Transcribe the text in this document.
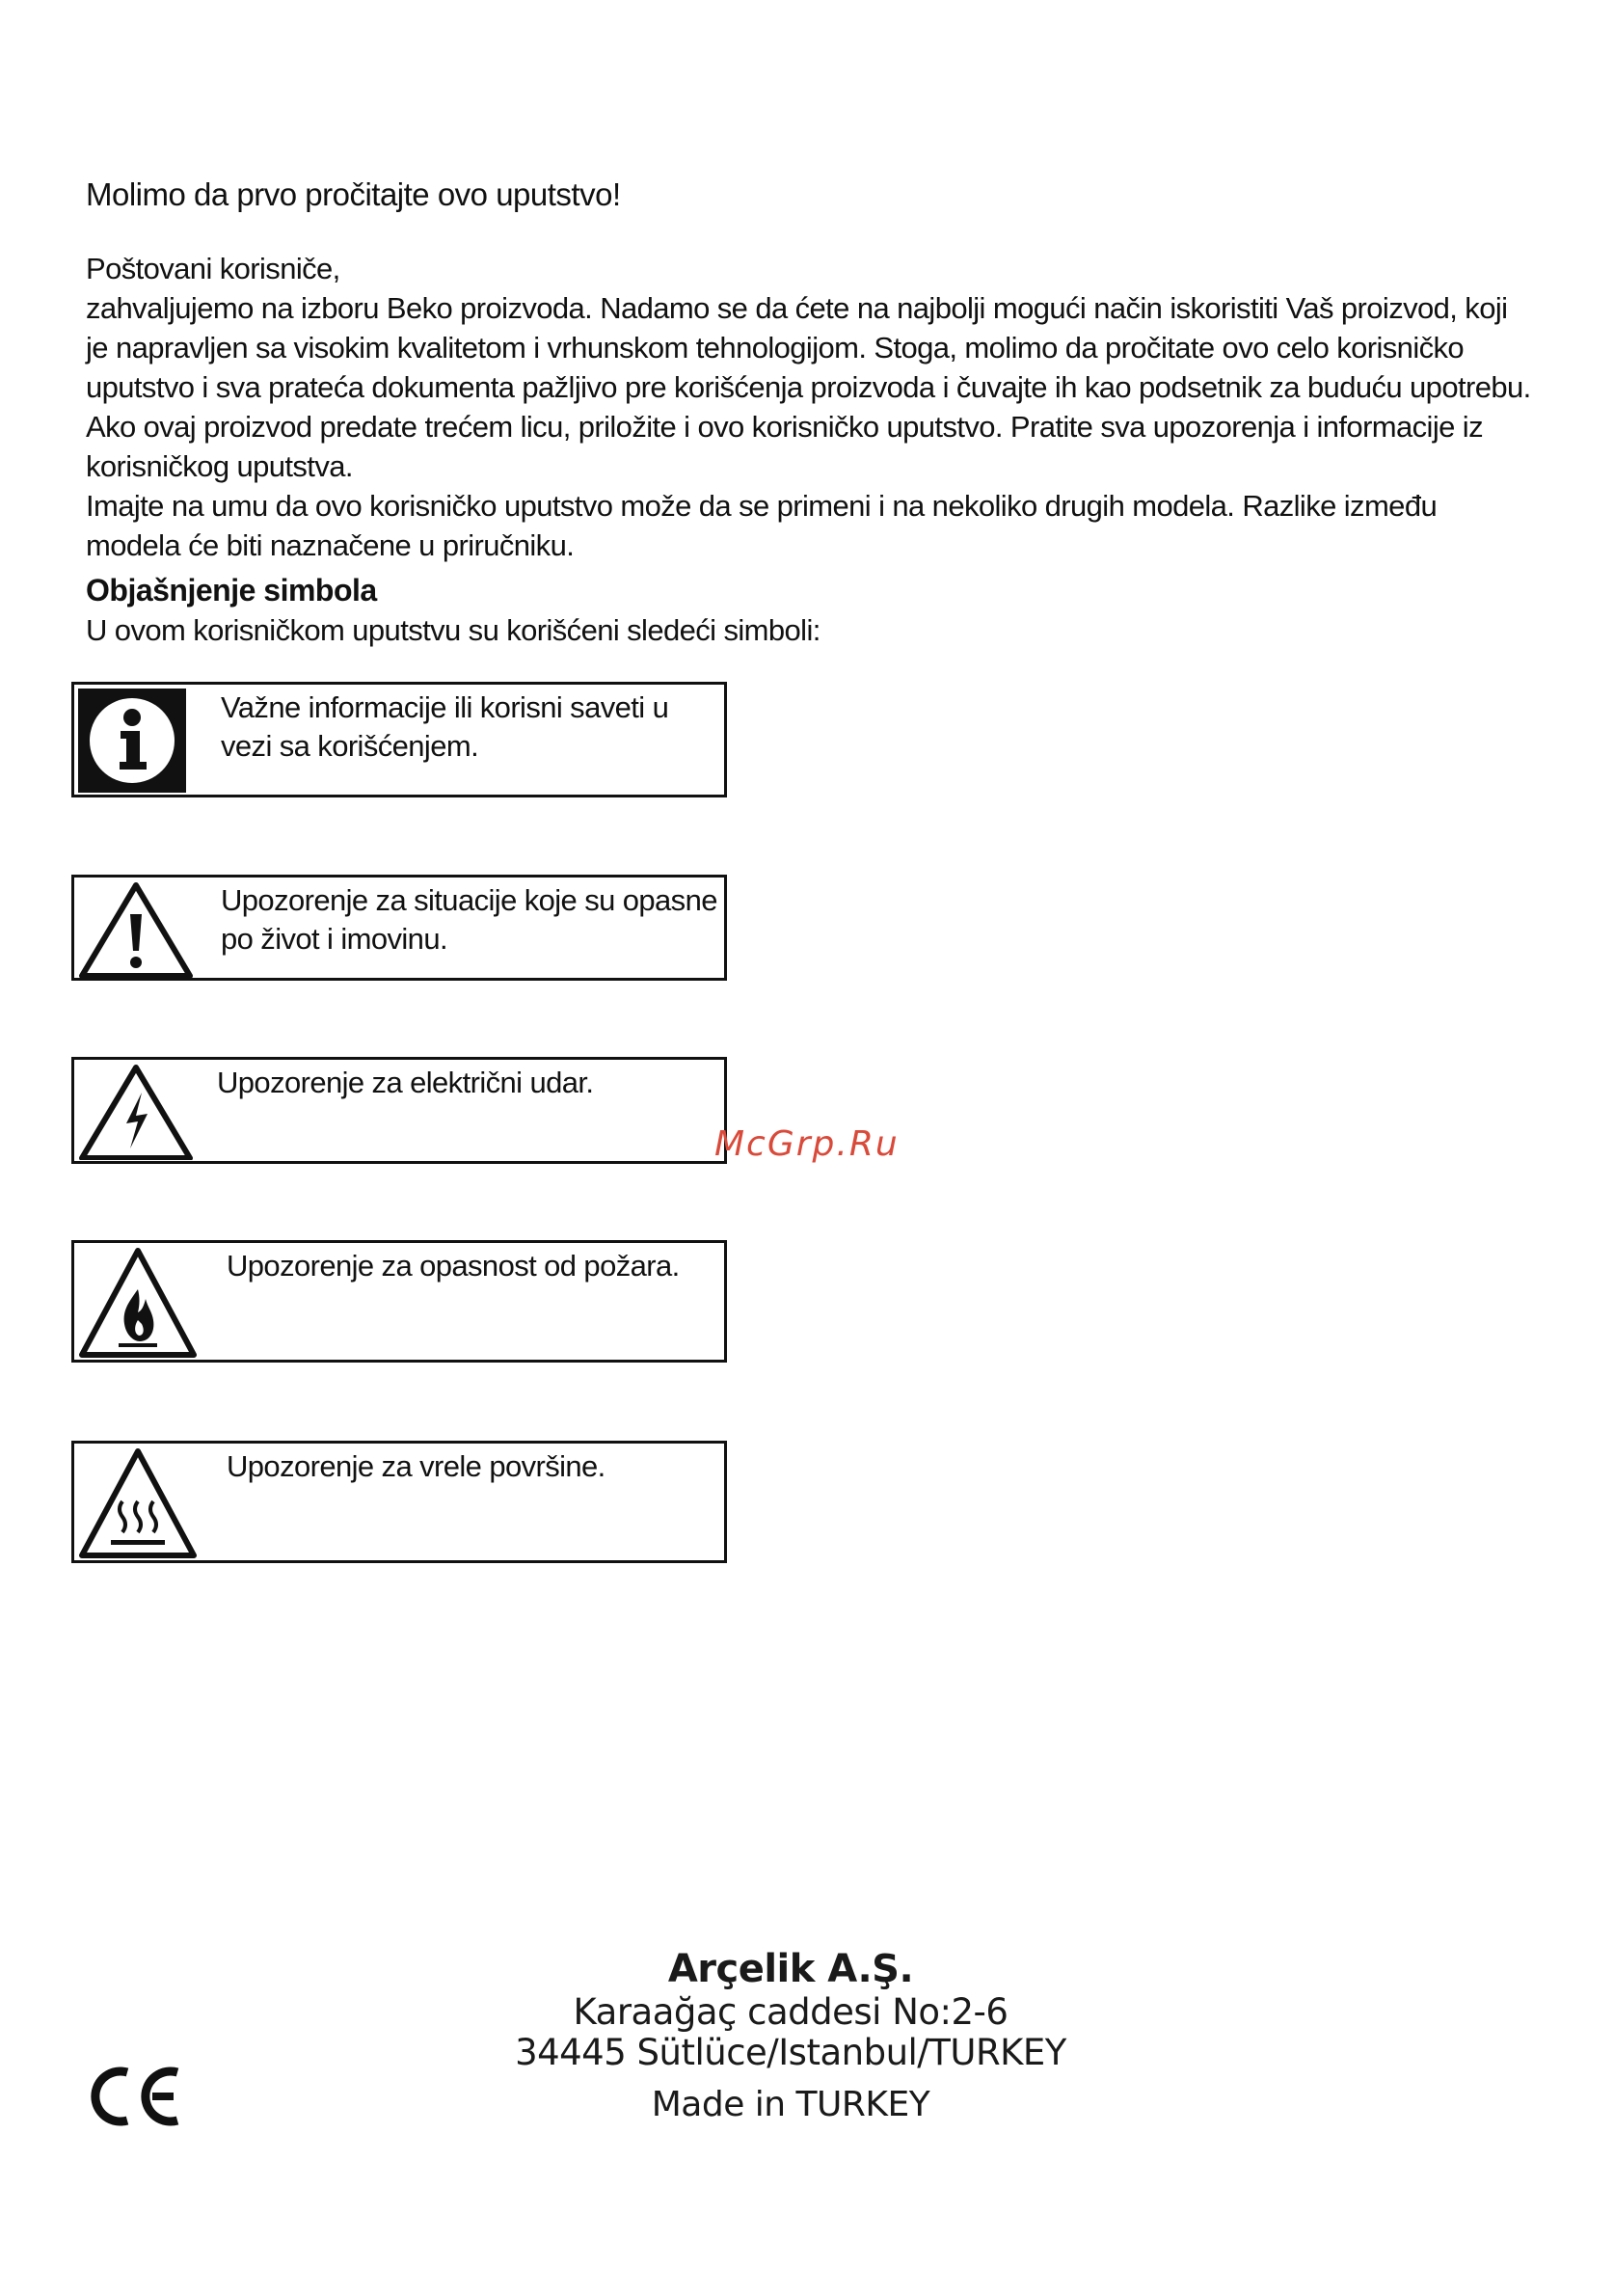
Molimo da prvo pročitajte ovo uputstvo!

Poštovani korisniče,

zahvaljujemo na izboru Beko proizvoda. Nadamo se da ćete na najbolji mogući način iskoristiti Vaš proizvod, koji je napravljen sa visokim kvalitetom i vrhunskom tehnologijom. Stoga, molimo da pročitate ovo celo korisničko uputstvo i sva prateća dokumenta pažljivo pre korišćenja proizvoda i čuvajte ih kao podsetnik za buduću upotrebu. Ako ovaj proizvod predate trećem licu, priložite i ovo korisničko uputstvo. Pratite sva upozorenja i informacije iz korisničkog uputstva.

Imajte na umu da ovo korisničko uputstvo može da se primeni i na nekoliko drugih modela. Razlike između modela će biti naznačene u priručniku.

Objašnjenje simbola
U ovom korisničkom uputstvu su korišćeni sledeći simboli:
Važne informacije ili korisni saveti u vezi sa korišćenjem.
Upozorenje za situacije koje su opasne po život i imovinu.
Upozorenje za električni udar.
Upozorenje za opasnost od požara.
Upozorenje za vrele površine.
McGrp.Ru
Arçelik A.Ş.
Karaağaç caddesi No:2-6
34445 Sütlüce/Istanbul/TURKEY
Made in TURKEY
